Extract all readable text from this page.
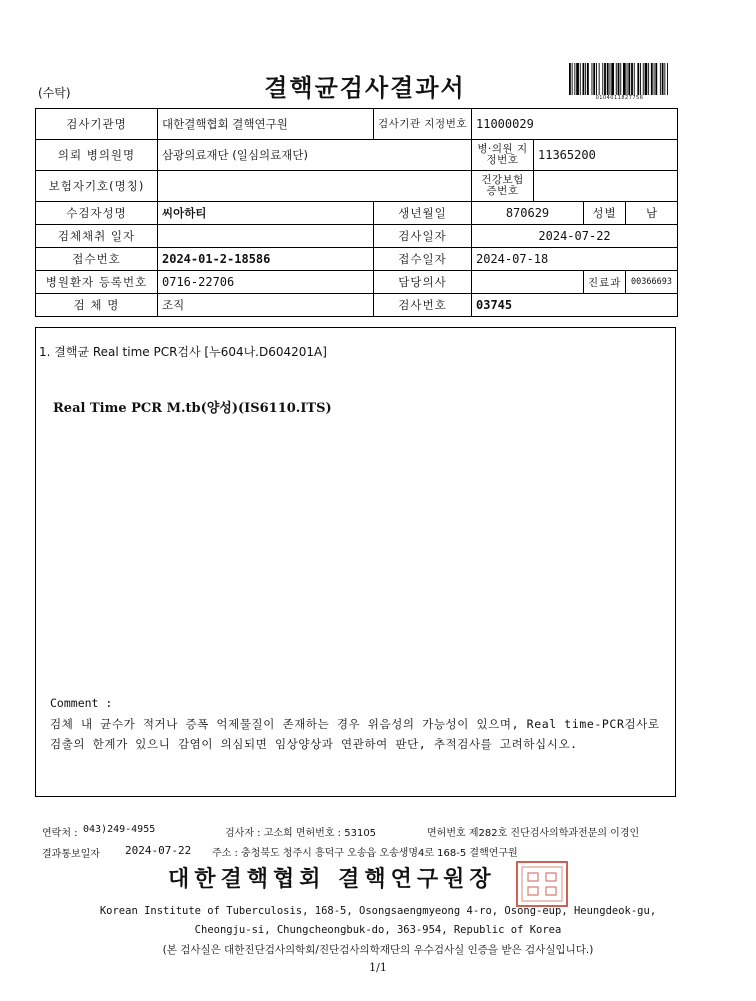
(수탁)	결핵균검사결과서	0104011827756
검사기관명	대한결핵협회 결핵연구원	검사기관 지정번호	11000029			
의뢰 병의원명	삼광의료재단 (일심의료재단)		병·의원 지정번호	11365200		
보험자기호(명칭)			건강보험 증번호			
수검자성명	씨아하티	생년월일	870629		성별	남
검체채취 일자		검사일자	2024-07-22			
접수번호	2024-01-2-18586	접수일자	2024-07-18			
병원환자 등록번호	0716-22706	담당의사			진료과	00366693
검 체 명	조직	검사번호	03745			
1. 결핵균 Real time PCR검사 [누604나.D604201A]
Real Time PCR M.tb(양성)(IS6110.ITS)
Comment :
검체 내 균수가 적거나 증폭 억제물질이 존재하는 경우 위음성의 가능성이 있으며, Real time-PCR검사로 검출의 한계가 있으니 감염이 의심되면 임상양상과 연관하여 판단, 추적검사를 고려하십시오.
연락처 : 043)249-4955	검사자 : 고소희 면허번호 : 53105	면허번호 제282호 진단검사의학과전문의 이경인
결과통보일자 2024-07-22 주소 : 충청북도 청주시 흥덕구 오송읍 오송생명4로 168-5 결핵연구원
대한결핵협회 결핵연구원장
Korean Institute of Tuberculosis, 168-5, Osongsaengmyeong 4-ro, Osong-eup, Heungdeok-gu,
Cheongju-si, Chungcheongbuk-do, 363-954, Republic of Korea
(본 검사실은 대한진단검사의학회/진단검사의학재단의 우수검사실 인증을 받은 검사실입니다.)
1/1
